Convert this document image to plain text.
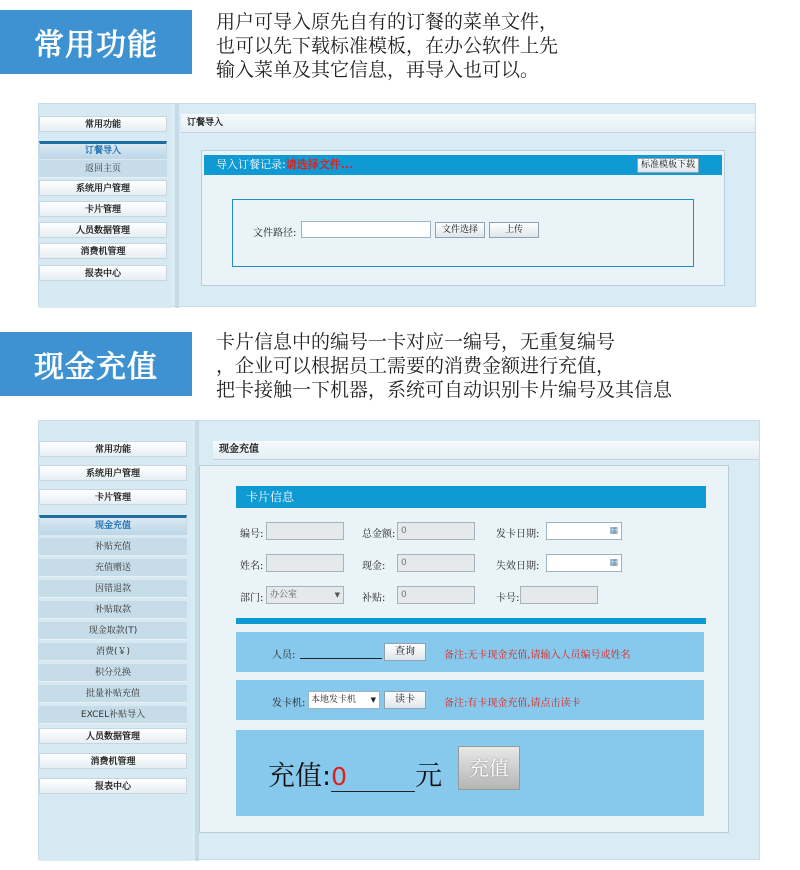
常用功能
用户可导入原先自有的订餐的菜单文件，
也可以先下载标准模板，在办公软件上先
输入菜单及其它信息，再导入也可以。
常用功能
订餐导入
返回主页
系统用户管理
卡片管理
人员数据管理
消费机管理
报表中心
订餐导入
导入订餐记录:请选择文件...	标准模板下载
文件路径:	文件选择	上传
现金充值
卡片信息中的编号一卡对应一编号，无重复编号
，企业可以根据员工需要的消费金额进行充值，
把卡接触一下机器，系统可自动识别卡片编号及其信息
常用功能
系统用户管理
卡片管理
现金充值
补贴充值
充值赠送
因错退款
补贴取款
现金取款(T)
消费(￥)
积分兑换
批量补贴充值
EXCEL补贴导入
人员数据管理
消费机管理
报表中心
现金充值
卡片信息
编号:	总金额: 0	发卡日期:	▦
姓名:	现金:	0	失效日期:	▦
部门: 办公室	▼ 补贴:	0	卡号:
人员:	查询	备注:无卡现金充值,请输入人员编号或姓名
发卡机: 本地发卡机 ▼	读卡	备注:有卡现金充值,请点击读卡
充值:0	元	充值
